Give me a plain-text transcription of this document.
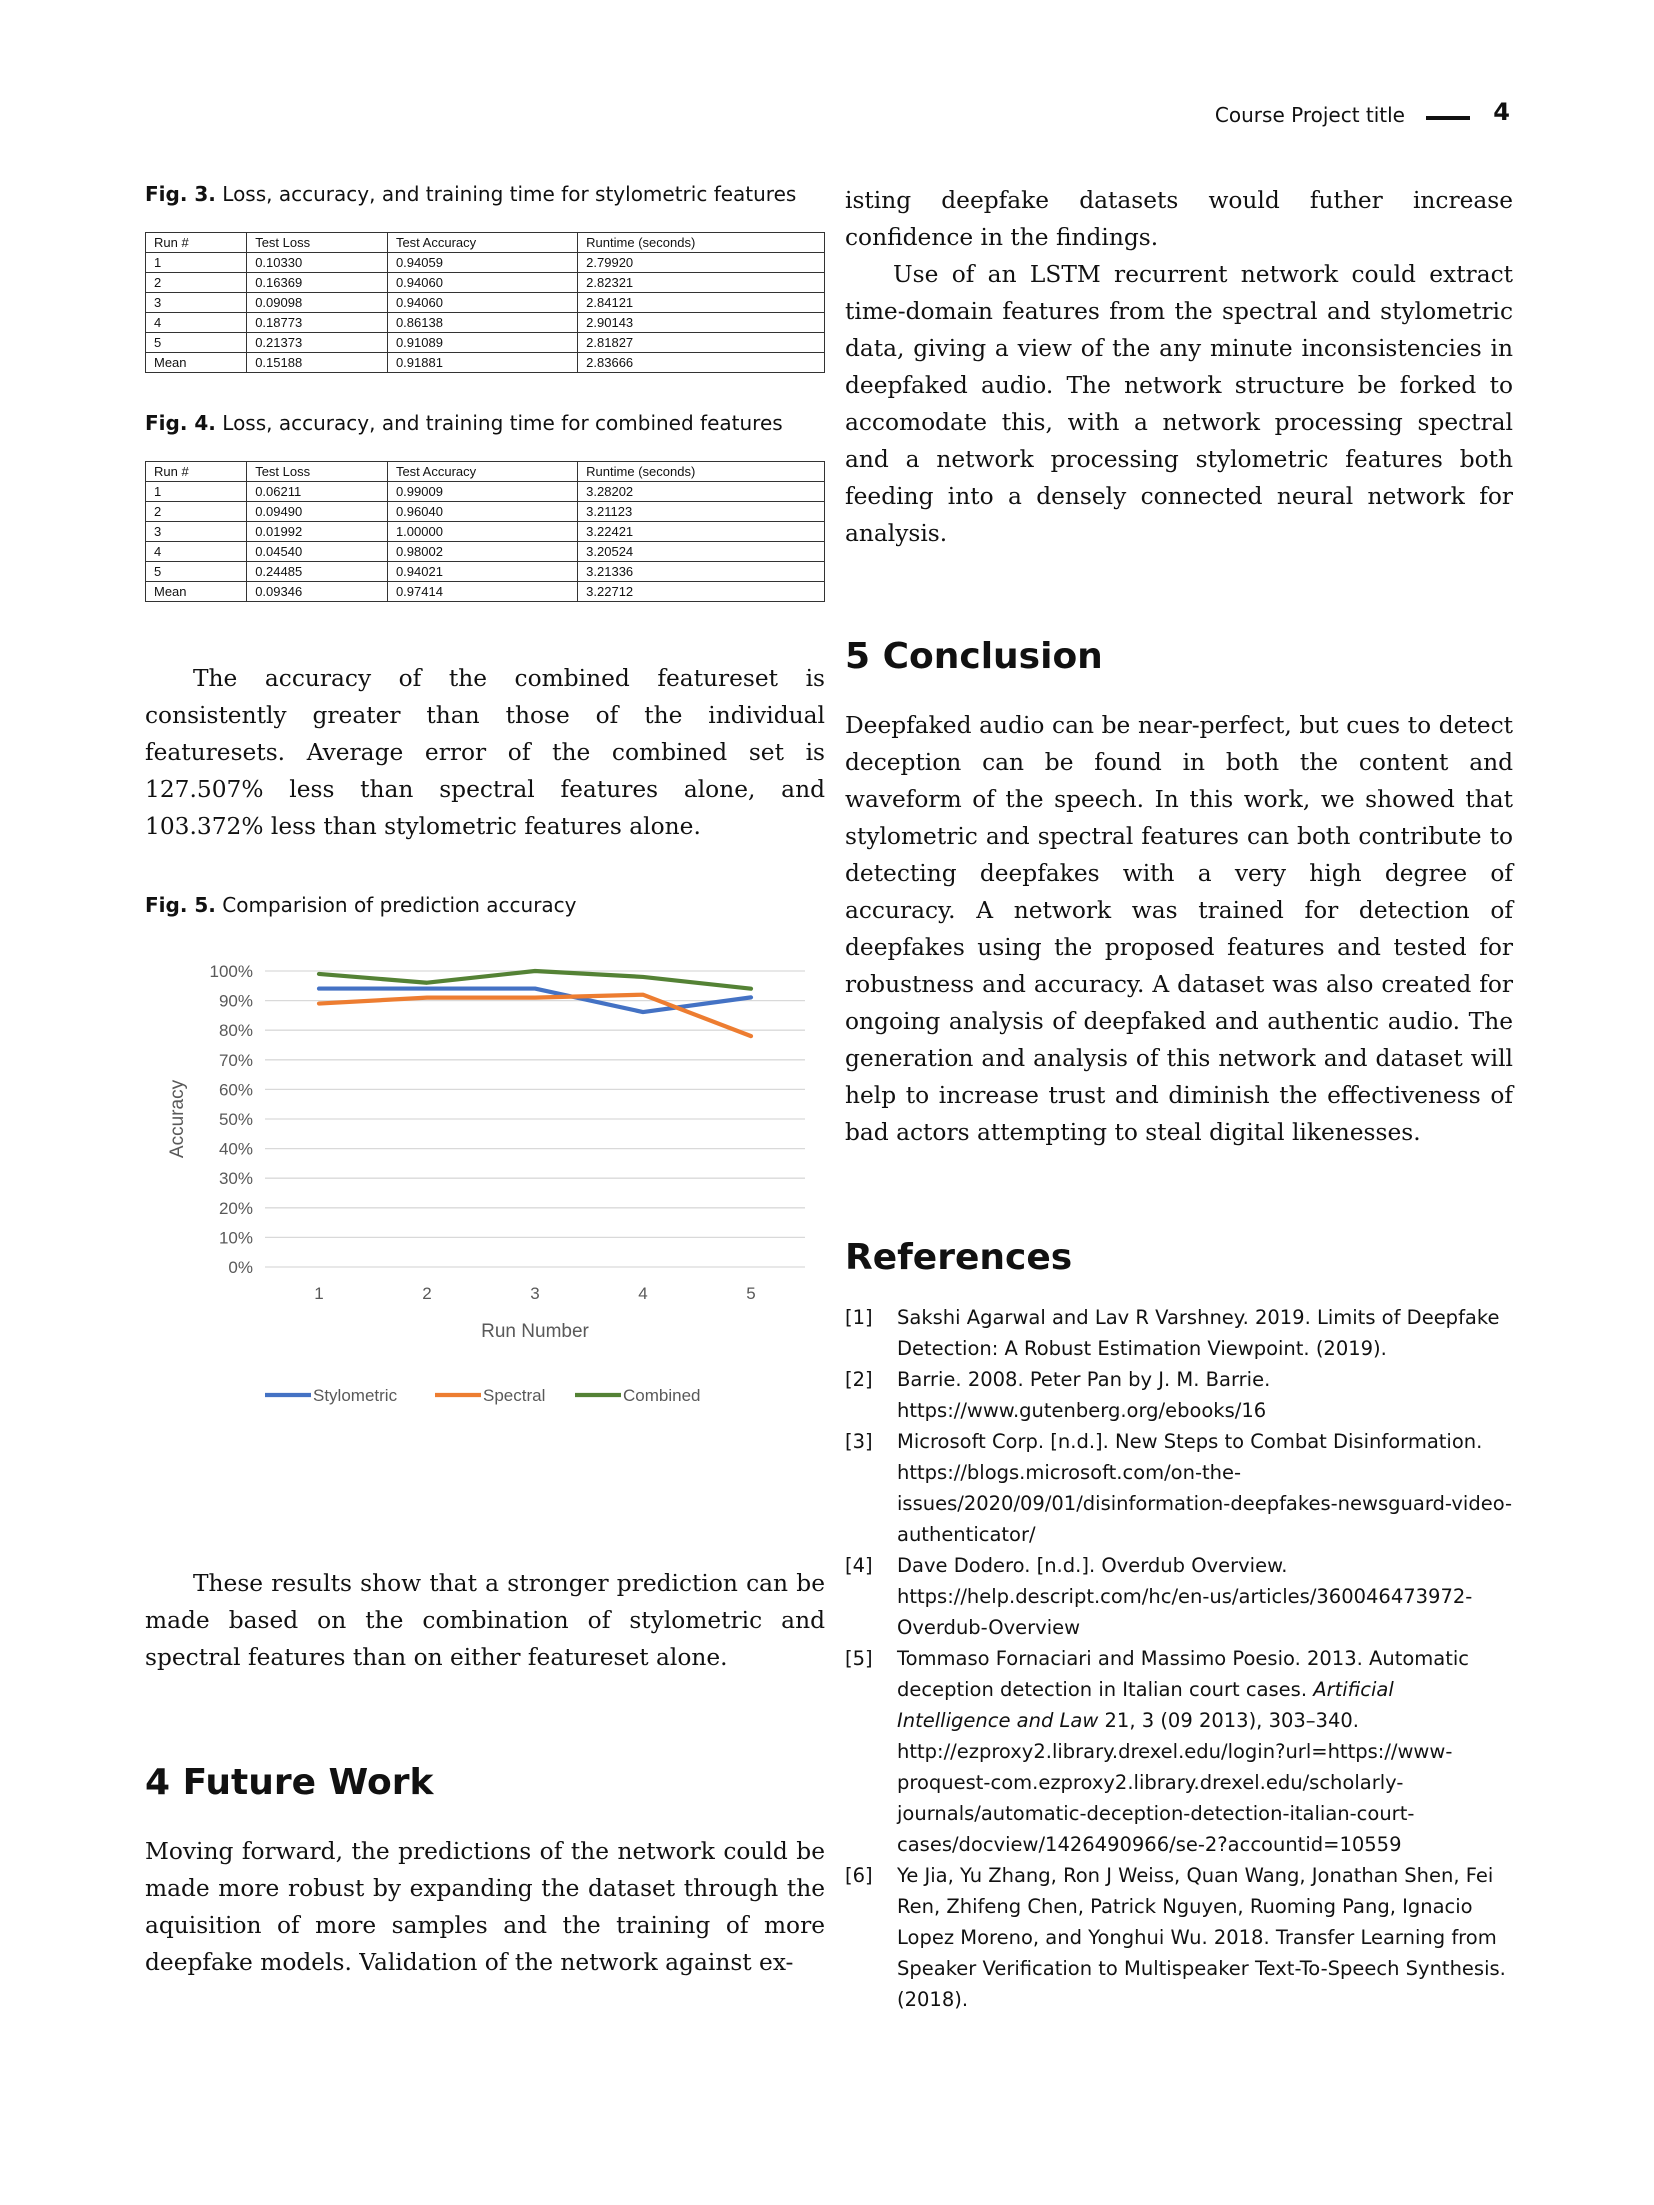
Course Project title	4

Fig. 3. Loss, accuracy, and training time for stylometric features

Run #	Test Loss	Test Accuracy	Runtime (seconds)
1	0.10330	0.94059	2.79920
2	0.16369	0.94060	2.82321
3	0.09098	0.94060	2.84121
4	0.18773	0.86138	2.90143
5	0.21373	0.91089	2.81827
Mean	0.15188	0.91881	2.83666

Fig. 4. Loss, accuracy, and training time for combined features

Run #	Test Loss	Test Accuracy	Runtime (seconds)
1	0.06211	0.99009	3.28202
2	0.09490	0.96040	3.21123
3	0.01992	1.00000	3.22421
4	0.04540	0.98002	3.20524
5	0.24485	0.94021	3.21336
Mean	0.09346	0.97414	3.22712

The accuracy of the combined featureset is consistently greater than those of the individual featuresets. Average error of the combined set is 127.507% less than spectral features alone, and 103.372% less than stylometric features alone.

Fig. 5. Comparision of prediction accuracy

0%
10%
20%
30%
40%
50%
60%
70%
80%
90%
100%
1	2	3	4	5
Run Number
Accuracy
Stylometric	Spectral	Combined

These results show that a stronger prediction can be made based on the combination of stylometric and spectral features than on either featureset alone.

4 Future Work

Moving forward, the predictions of the network could be made more robust by expanding the dataset through the aquisition of more samples and the training of more deepfake models. Validation of the network against ex-

isting deepfake datasets would futher increase confidence in the findings.

Use of an LSTM recurrent network could extract time-domain features from the spectral and stylometric data, giving a view of the any minute inconsistencies in deepfaked audio. The network structure be forked to accomodate this, with a network processing spectral and a network processing stylometric features both feeding into a densely connected neural network for analysis.

5 Conclusion

Deepfaked audio can be near-perfect, but cues to detect deception can be found in both the content and waveform of the speech. In this work, we showed that stylometric and spectral features can both contribute to detecting deepfakes with a very high degree of accuracy. A network was trained for detection of deepfakes using the proposed features and tested for robustness and accuracy. A dataset was also created for ongoing analysis of deepfaked and authentic audio. The generation and analysis of this network and dataset will help to increase trust and diminish the effectiveness of bad actors attempting to steal digital likenesses.

References
[1]	Sakshi Agarwal and Lav R Varshney. 2019. Limits of Deepfake Detection: A Robust Estimation Viewpoint. (2019).
[2]	Barrie. 2008. Peter Pan by J. M. Barrie. https://www.gutenberg.org/ebooks/16
[3]	Microsoft Corp. [n.d.]. New Steps to Combat Disinformation. https://blogs.microsoft.com/on-the-issues/2020/09/01/disinformation-deepfakes-newsguard-video-authenticator/
[4]	Dave Dodero. [n.d.]. Overdub Overview. https://help.descript.com/hc/en-us/articles/360046473972-Overdub-Overview
[5]	Tommaso Fornaciari and Massimo Poesio. 2013. Automatic deception detection in Italian court cases. Artificial Intelligence and Law 21, 3 (09 2013), 303–340. http://ezproxy2.library.drexel.edu/login?url=https://www-proquest-com.ezproxy2.library.drexel.edu/scholarly-journals/automatic-deception-detection-italian-court-cases/docview/1426490966/se-2?accountid=10559
[6]	Ye Jia, Yu Zhang, Ron J Weiss, Quan Wang, Jonathan Shen, Fei Ren, Zhifeng Chen, Patrick Nguyen, Ruoming Pang, Ignacio Lopez Moreno, and Yonghui Wu. 2018. Transfer Learning from Speaker Verification to Multispeaker Text-To-Speech Synthesis. (2018).
